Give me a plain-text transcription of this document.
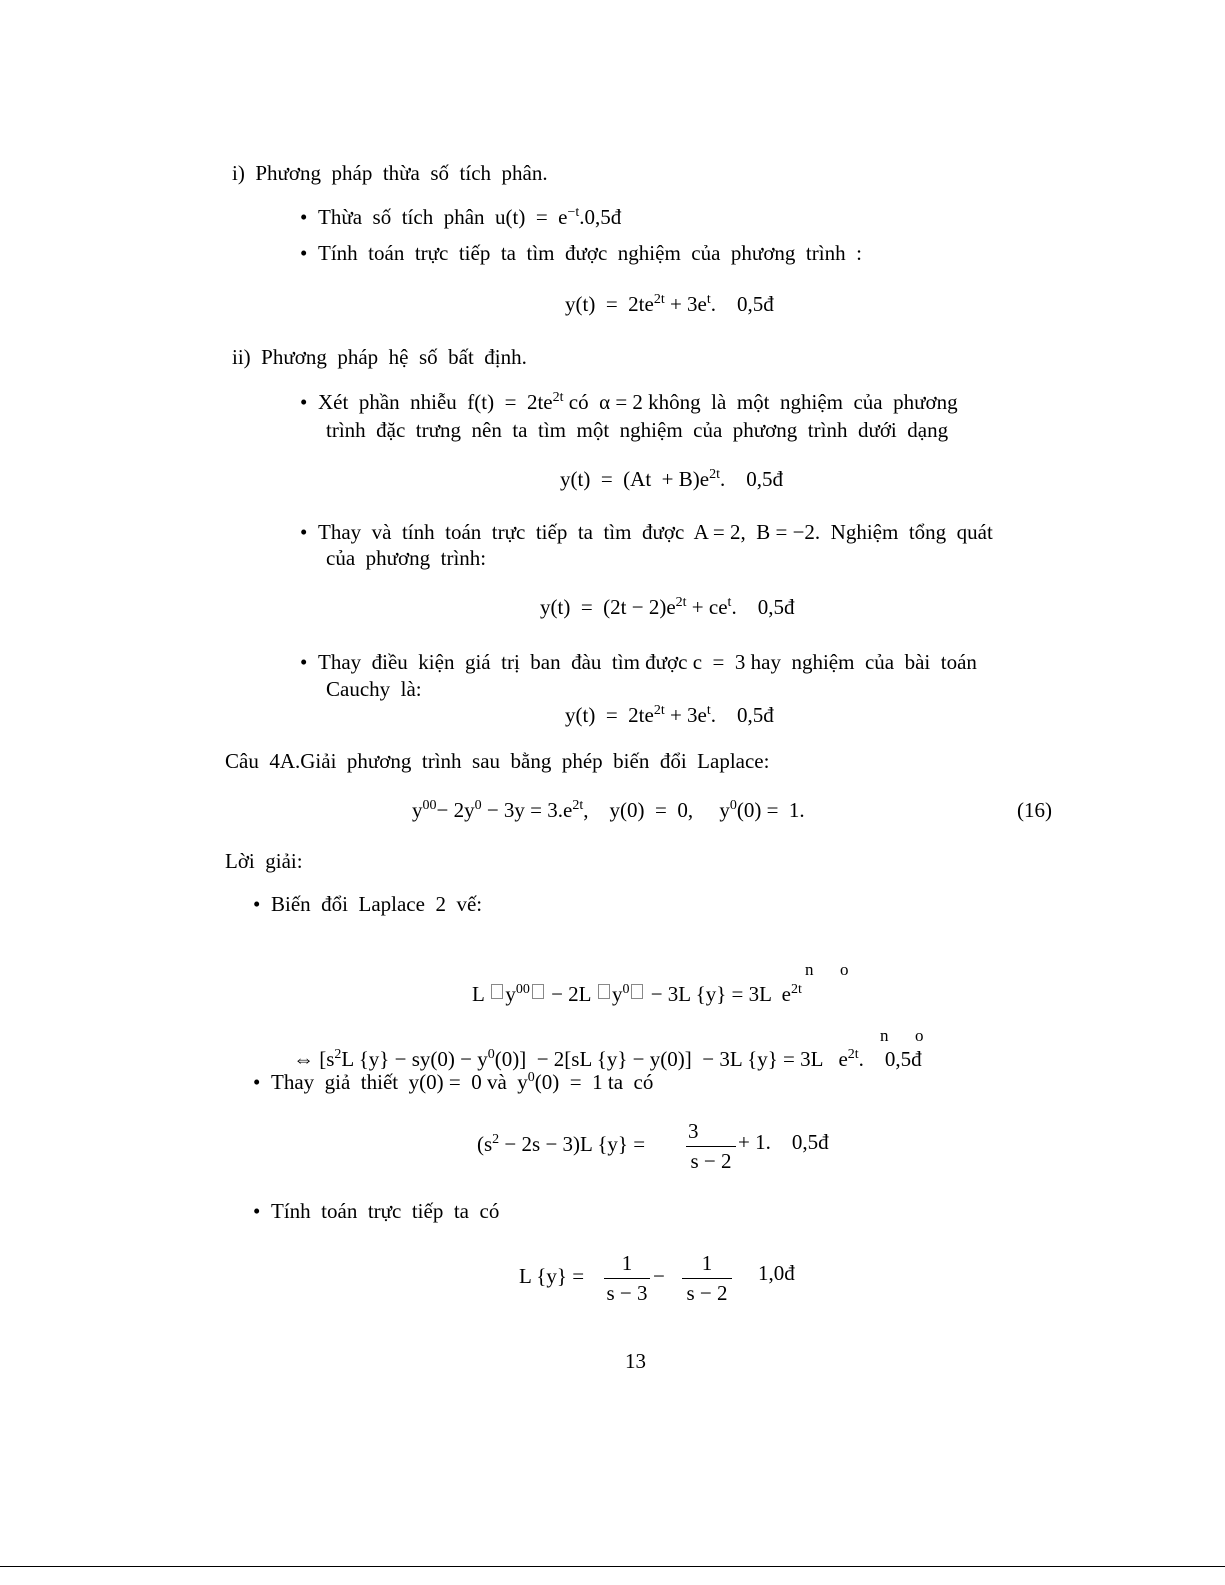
i)  Phương  pháp  thừa  số  tích  phân.
• Thừa  số  tích  phân  $u(t) = e^{-t}.0,5đ$
• Tính  toán  trực  tiếp  ta  tìm  được  nghiệm  của  phương  trình  :
$y(t) = 2te^{2t} + 3e^t$.    0,5đ
ii)  Phương  pháp  hệ  số  bất  định.
• Xét  phần  nhiễu  $f(t) = 2te^{2t}$ có  α = 2 không  là  một  nghiệm  của  phương
trình  đặc  trưng  nên  ta  tìm  một  nghiệm  của  phương  trình  dưới  dạng
$y(t) = (At + B)e^{2t}$.    0,5đ
• Thay  và  tính  toán  trực  tiếp  ta  tìm  được  A = 2,  B = −2.  Nghiệm  tổng  quát
của  phương  trình:
$y(t) = (2t - 2)e^{2t} + ce^t$.    0,5đ
• Thay  điều  kiện  giá  trị  ban  đàu  tìm được c  =  3 hay  nghiệm  của  bài  toán
Cauchy  là:
$y(t) = 2te^{2t} + 3e^t$.    0,5đ
Câu  4A.Giải  phương  trình  sau  bằng  phép  biến  đổi  Laplace:
$y^{00}- 2y^0 - 3y = 3.e^{2t}$,    y(0)  =  0,     $y^0(0) = 1$.	(16)
Lời  giải:
• Biến  đổi  Laplace  2  vế:
n o
L $y^{00} - 2L$ $y^0 - 3L$ {y} = 3L $e^{2t}$
n o
⇔ [$s^2L$ $\{y\} - sy(0) - y^0(0)] - 2[sL$ {y} − y(0)]  − 3L {y} = 3L $e^{2t}$.    0,5đ
• Thay  giả  thiết  y(0) =  0 và  $y^0(0) = 1$ ta  có
$(s^2 - 2s - 3)L$ {y} =
3
s − 2
+ 1.    0,5đ
• Tính  toán  trực  tiếp  ta  có
L {y} =
1
s − 3
−
1
s − 2
1,0đ
13
